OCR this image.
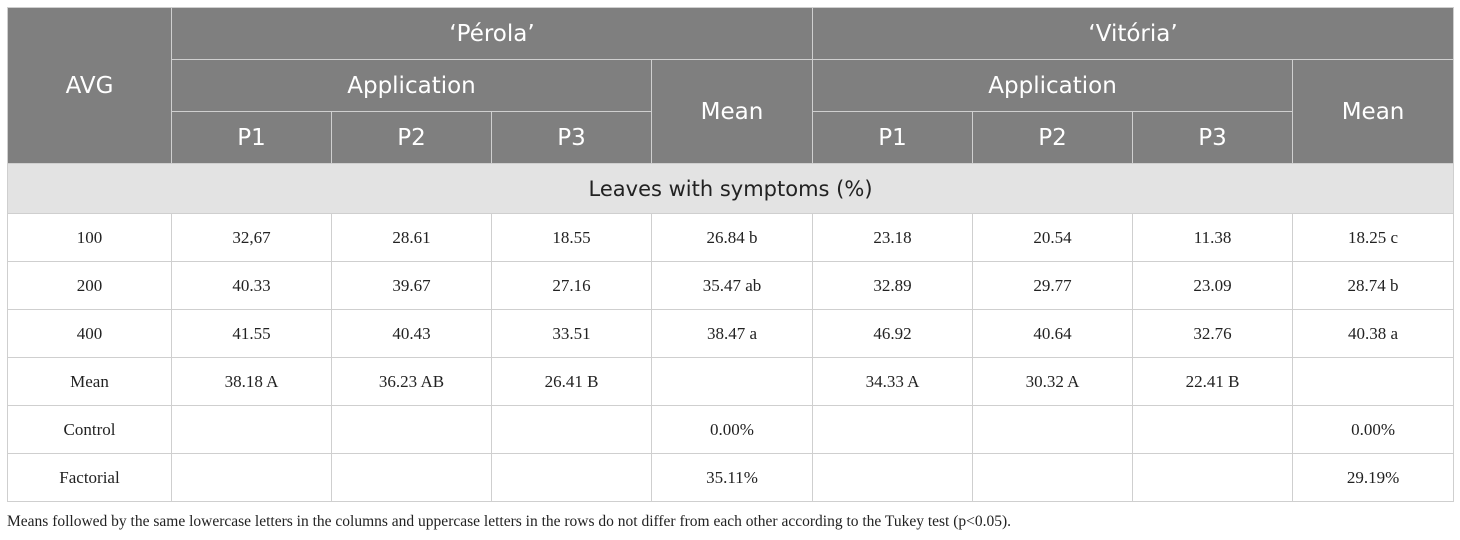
AVG	‘Pérola’				‘Vitória’			
	Application			Mean	Application			Mean
	P1	P2	P3		P1	P2	P3	
Leaves with symptoms (%)								
100	32,67	28.61	18.55	26.84 b	23.18	20.54	11.38	18.25 c
200	40.33	39.67	27.16	35.47 ab	32.89	29.77	23.09	28.74 b
400	41.55	40.43	33.51	38.47 a	46.92	40.64	32.76	40.38 a
Mean	38.18 A	36.23 AB	26.41 B		34.33 A	30.32 A	22.41 B	
Control				0.00%				0.00%
Factorial				35.11%				29.19%
Means followed by the same lowercase letters in the columns and uppercase letters in the rows do not differ from each other according to the Tukey test (p<0.05).
